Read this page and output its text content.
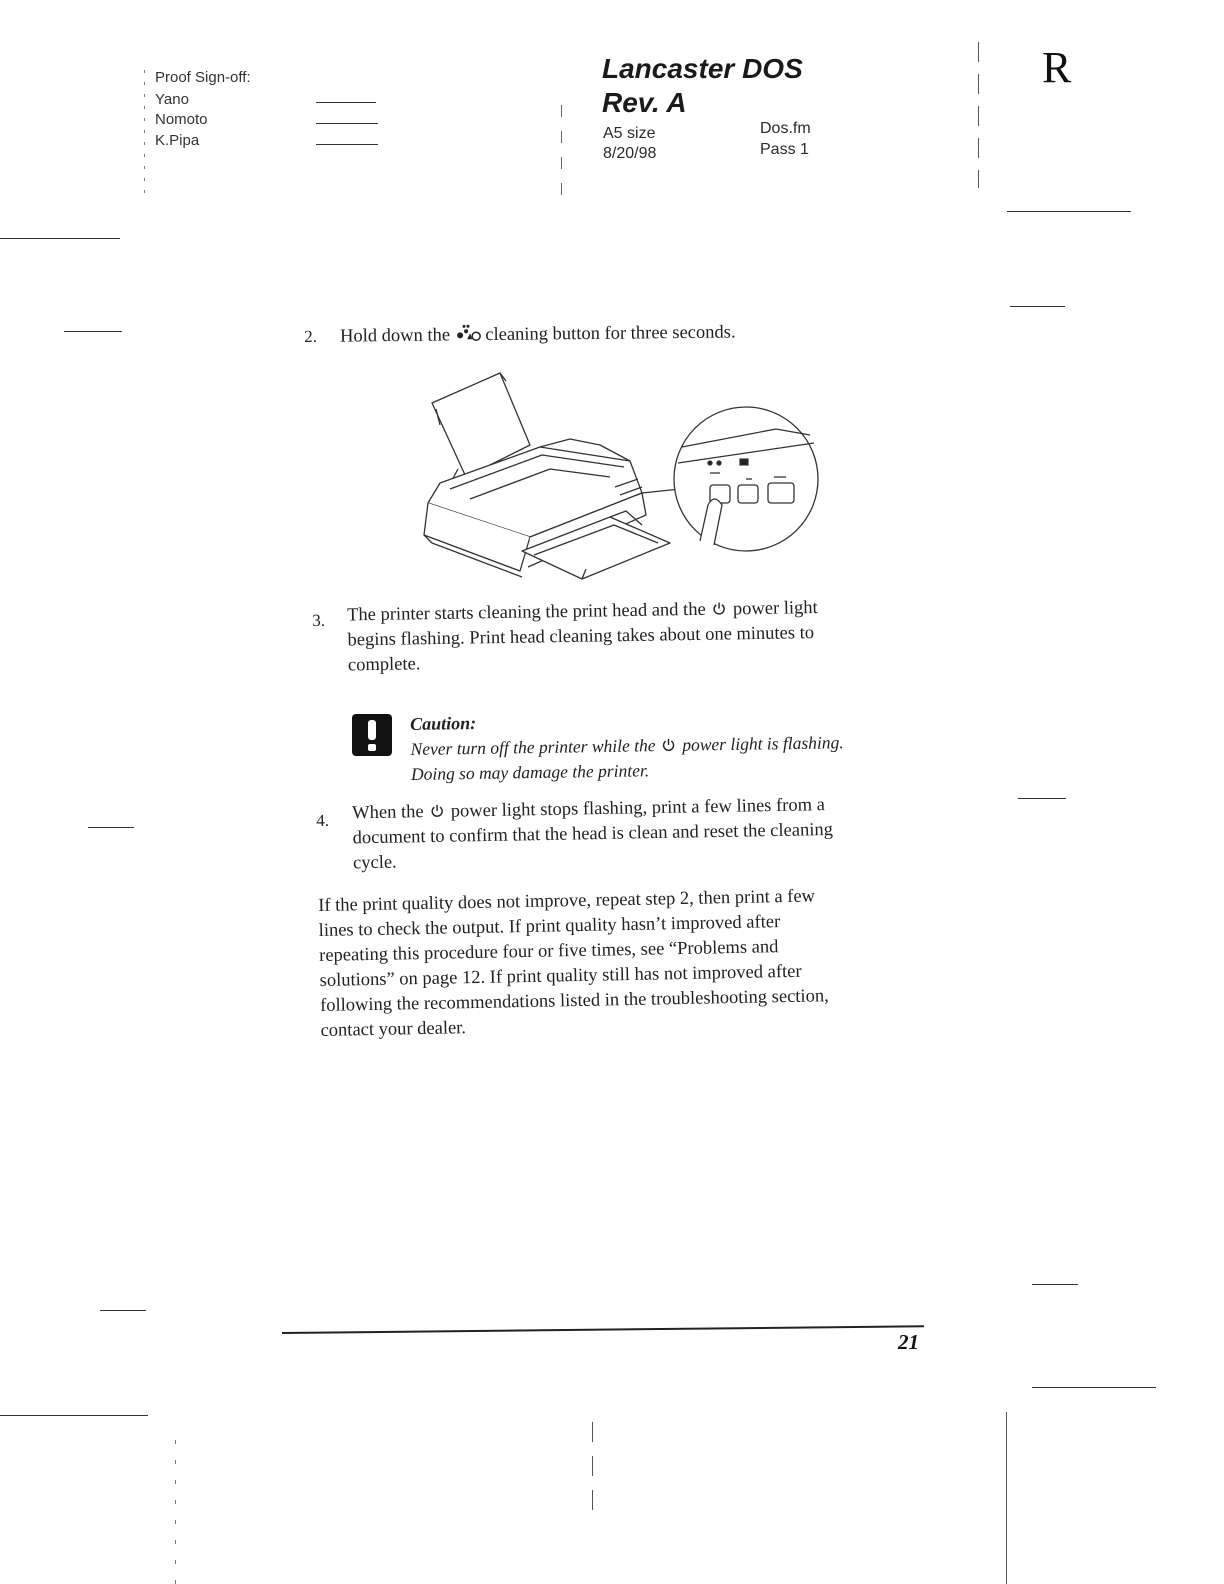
Proof Sign-off:
Yano
Nomoto
K.Pipa
Lancaster DOS
Rev. A
A5 size
8/20/98
Dos.fm
Pass 1
R
2. Hold down the cleaning button for three seconds.
3. The printer starts cleaning the print head and the power light
begins flashing. Print head cleaning takes about one minutes to
complete.
Caution:
Never turn off the printer while the power light is flashing.
Doing so may damage the printer.
4. When the power light stops flashing, print a few lines from a
document to confirm that the head is clean and reset the cleaning
cycle.
If the print quality does not improve, repeat step 2, then print a few
lines to check the output. If print quality hasn’t improved after
repeating this procedure four or five times, see “Problems and
solutions” on page 12. If print quality still has not improved after
following the recommendations listed in the troubleshooting section,
contact your dealer.
21
